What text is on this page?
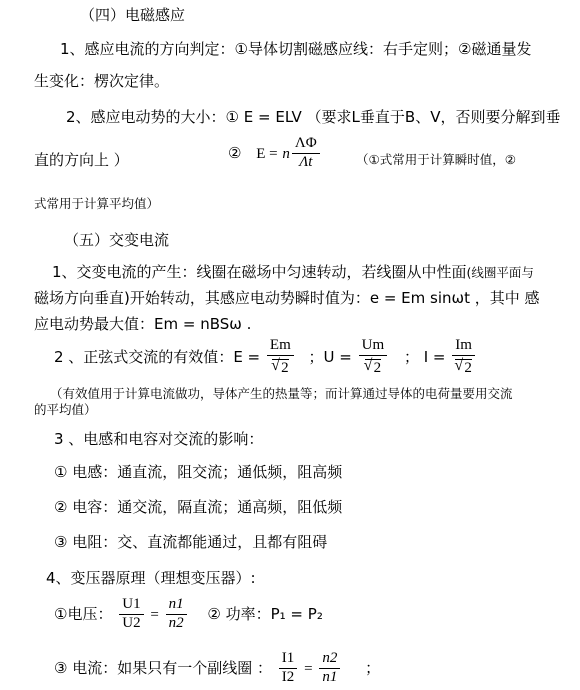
（四）电磁感应
1、感应电流的方向判定：①导体切割磁感应线：右手定则；②磁通量发
生变化：楞次定律。
2、感应电动势的大小：① E = ELV （要求L垂直于B、V，否则要分解到垂
直的方向上 ）	② E = n $\frac{\Lambda\Phi}{\Lambda t}$	（①式常用于计算瞬时值，②
式常用于计算平均值）
（五）交变电流
1、交变电流的产生：线圈在磁场中匀速转动，若线圈从中性面(线圈平面与
磁场方向垂直)开始转动，其感应电动势瞬时值为：e = Em sinωt ，其中 感
应电动势最大值：Em = nBSω .
2 、正弦式交流的有效值：E = Em
√ 2 ；U = Um
√ 2 ； I = Im
√ 2
（有效值用于计算电流做功，导体产生的热量等；而计算通过导体的电荷量要用交流
的平均值）
3 、电感和电容对交流的影响：
① 电感：通直流，阻交流；通低频，阻高频
② 电容：通交流，隔直流；通高频，阻低频
③ 电阻：交、直流都能通过，且都有阻碍
4、变压器原理（理想变压器）:
①电压： $\frac{U1}{U2} = \frac{n1}{n2}$ ② 功率：P₁ = P₂
③ 电流：如果只有一个副线圈 ： $\frac{I1}{I2} = \frac{n2}{n1}$ ；
